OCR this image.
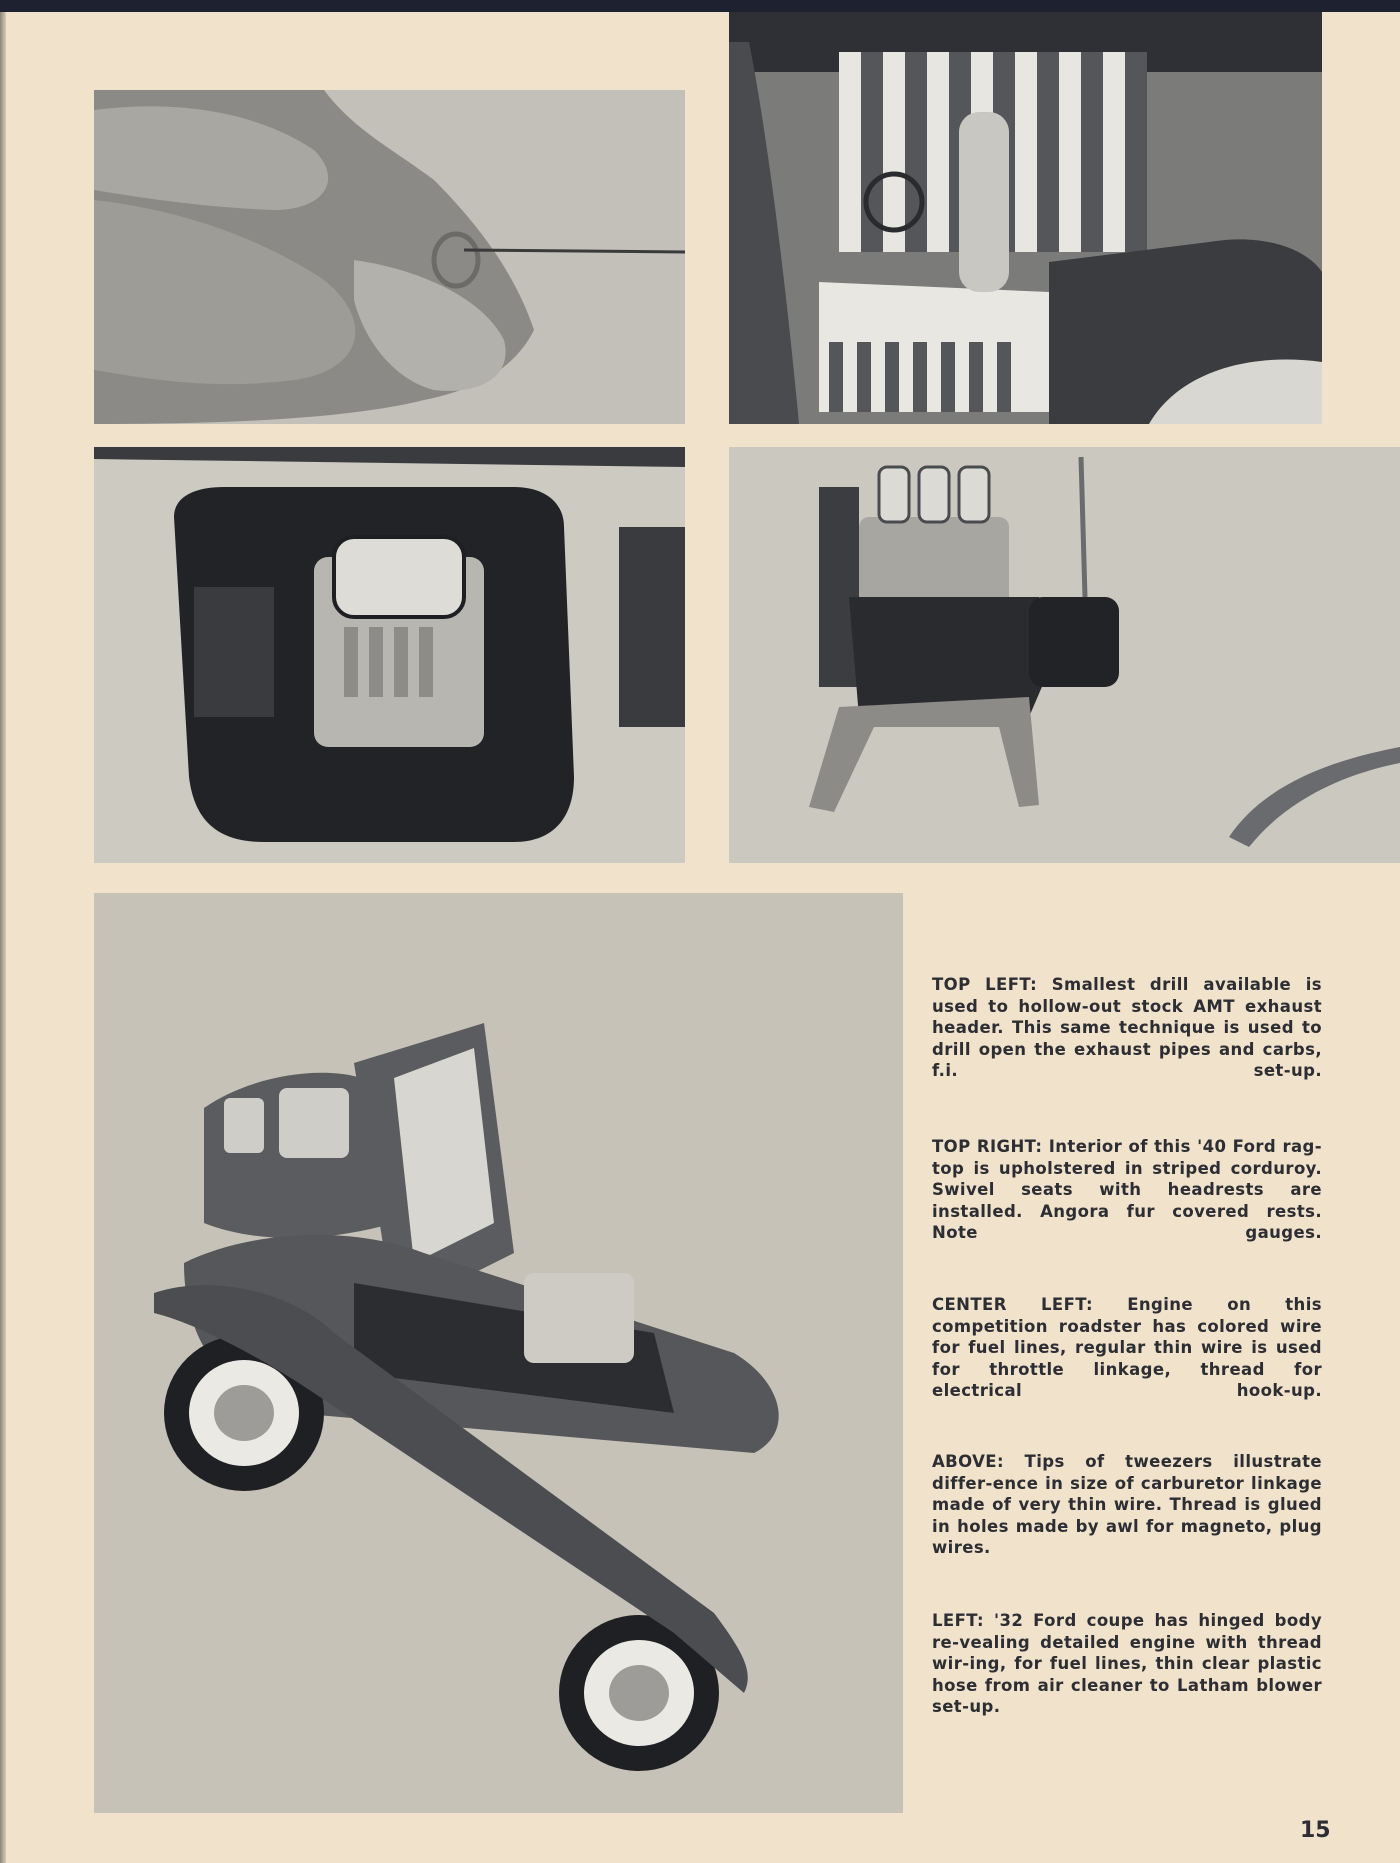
TOP LEFT: Smallest drill available is used to hollow-out stock AMT exhaust header. This same technique is used to drill open the exhaust pipes and carbs, f.i. set-up.

TOP RIGHT: Interior of this '40 Ford rag-top is upholstered in striped corduroy. Swivel seats with headrests are installed. Angora fur covered rests. Note gauges.

CENTER LEFT: Engine on this competition roadster has colored wire for fuel lines, regular thin wire is used for throttle linkage, thread for electrical hook-up.

ABOVE: Tips of tweezers illustrate differ-ence in size of carburetor linkage made of very thin wire. Thread is glued in holes made by awl for magneto, plug wires.

LEFT: '32 Ford coupe has hinged body re-vealing detailed engine with thread wir-ing, for fuel lines, thin clear plastic hose from air cleaner to Latham blower set-up.

15
